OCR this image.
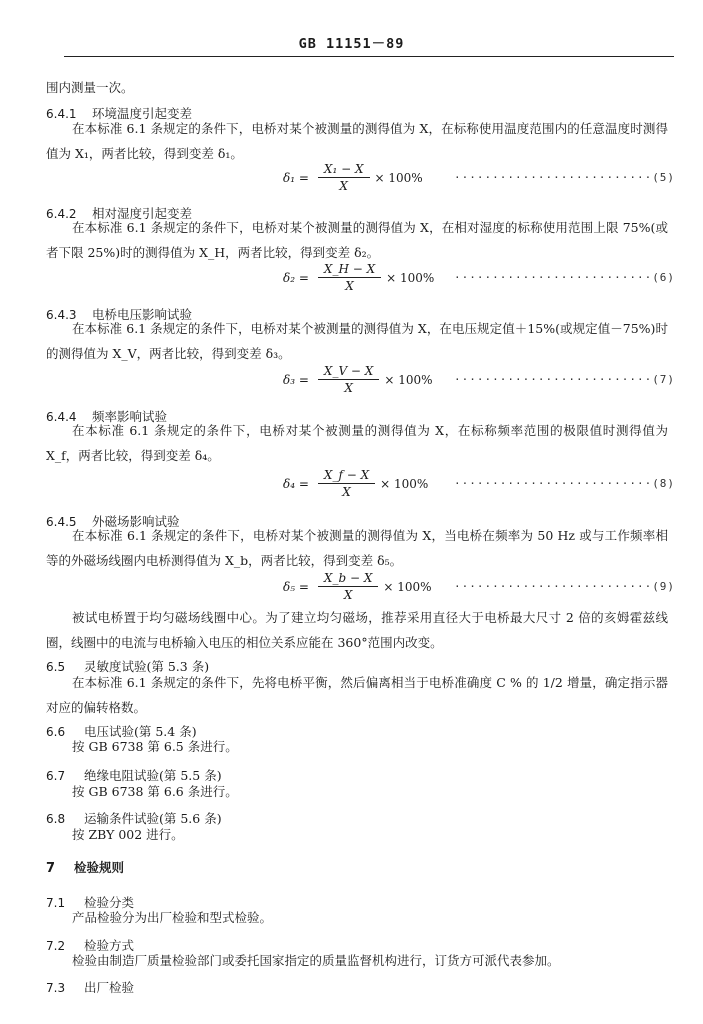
GB 11151－89
围内测量一次。
6.4.1 环境温度引起变差
在本标准 6.1 条规定的条件下，电桥对某个被测量的测得值为 X，在标称使用温度范围内的任意温度时测得值为 X₁，两者比较，得到变差 δ₁。
$\delta_1 = \frac{\text{X₁ − X}}{X} \times 100\%$	··························(5)
6.4.2 相对湿度引起变差
在本标准 6.1 条规定的条件下，电桥对某个被测量的测得值为 X，在相对湿度的标称使用范围上限 75%(或者下限 25%)时的测得值为 X_H，两者比较，得到变差 δ₂。
$\delta_2 = \frac{X\_H - X}{X} \times 100\% \cdot\cdot\cdot\cdot\cdot\cdot\cdot\cdot\cdot\cdot\cdot\cdot\cdot\cdot\cdot\cdot\cdot\cdot\cdot\cdot\cdot\cdot\cdot\cdot\cdot\cdot(6)$
6.4.3 电桥电压影响试验
在本标准 6.1 条规定的条件下，电桥对某个被测量的测得值为 X，在电压规定值＋15%(或规定值－75%)时的测得值为 X_V，两者比较，得到变差 δ₃。
$\delta_3 = \frac{X\_V - X}{X} \times 100\% \cdot\cdot\cdot\cdot\cdot\cdot\cdot\cdot\cdot\cdot\cdot\cdot\cdot\cdot\cdot\cdot\cdot\cdot\cdot\cdot\cdot\cdot\cdot\cdot\cdot\cdot(7)$
6.4.4 频率影响试验
在本标准 6.1 条规定的条件下，电桥对某个被测量的测得值为 X，在标称频率范围的极限值时测得值为 X_f，两者比较，得到变差 δ₄。
$\delta_4 = \frac{X\_f - X}{X} \times 100\% \cdot\cdot\cdot\cdot\cdot\cdot\cdot\cdot\cdot\cdot\cdot\cdot\cdot\cdot\cdot\cdot\cdot\cdot\cdot\cdot\cdot\cdot\cdot\cdot\cdot\cdot(8)$
6.4.5 外磁场影响试验
在本标准 6.1 条规定的条件下，电桥对某个被测量的测得值为 X，当电桥在频率为 50 Hz 或与工作频率相等的外磁场线圈内电桥测得值为 X_b，两者比较，得到变差 δ₅。
$\delta_5 = \frac{X\_b - X}{X} \times 100\% \cdot\cdot\cdot\cdot\cdot\cdot\cdot\cdot\cdot\cdot\cdot\cdot\cdot\cdot\cdot\cdot\cdot\cdot\cdot\cdot\cdot\cdot\cdot\cdot\cdot\cdot(9)$
被试电桥置于均匀磁场线圈中心。为了建立均匀磁场，推荐采用直径大于电桥最大尺寸 2 倍的亥姆霍兹线圈，线圈中的电流与电桥输入电压的相位关系应能在 360°范围内改变。
6.5 灵敏度试验(第 5.3 条)
在本标准 6.1 条规定的条件下，先将电桥平衡，然后偏离相当于电桥准确度 C % 的 1/2 增量，确定指示器对应的偏转格数。
6.6 电压试验(第 5.4 条)
按 GB 6738 第 6.5 条进行。
6.7 绝缘电阻试验(第 5.5 条)
按 GB 6738 第 6.6 条进行。
6.8 运输条件试验(第 5.6 条)
按 ZBY 002 进行。
7 检验规则
7.1 检验分类
产品检验分为出厂检验和型式检验。
7.2 检验方式
检验由制造厂质量检验部门或委托国家指定的质量监督机构进行，订货方可派代表参加。
7.3 出厂检验
